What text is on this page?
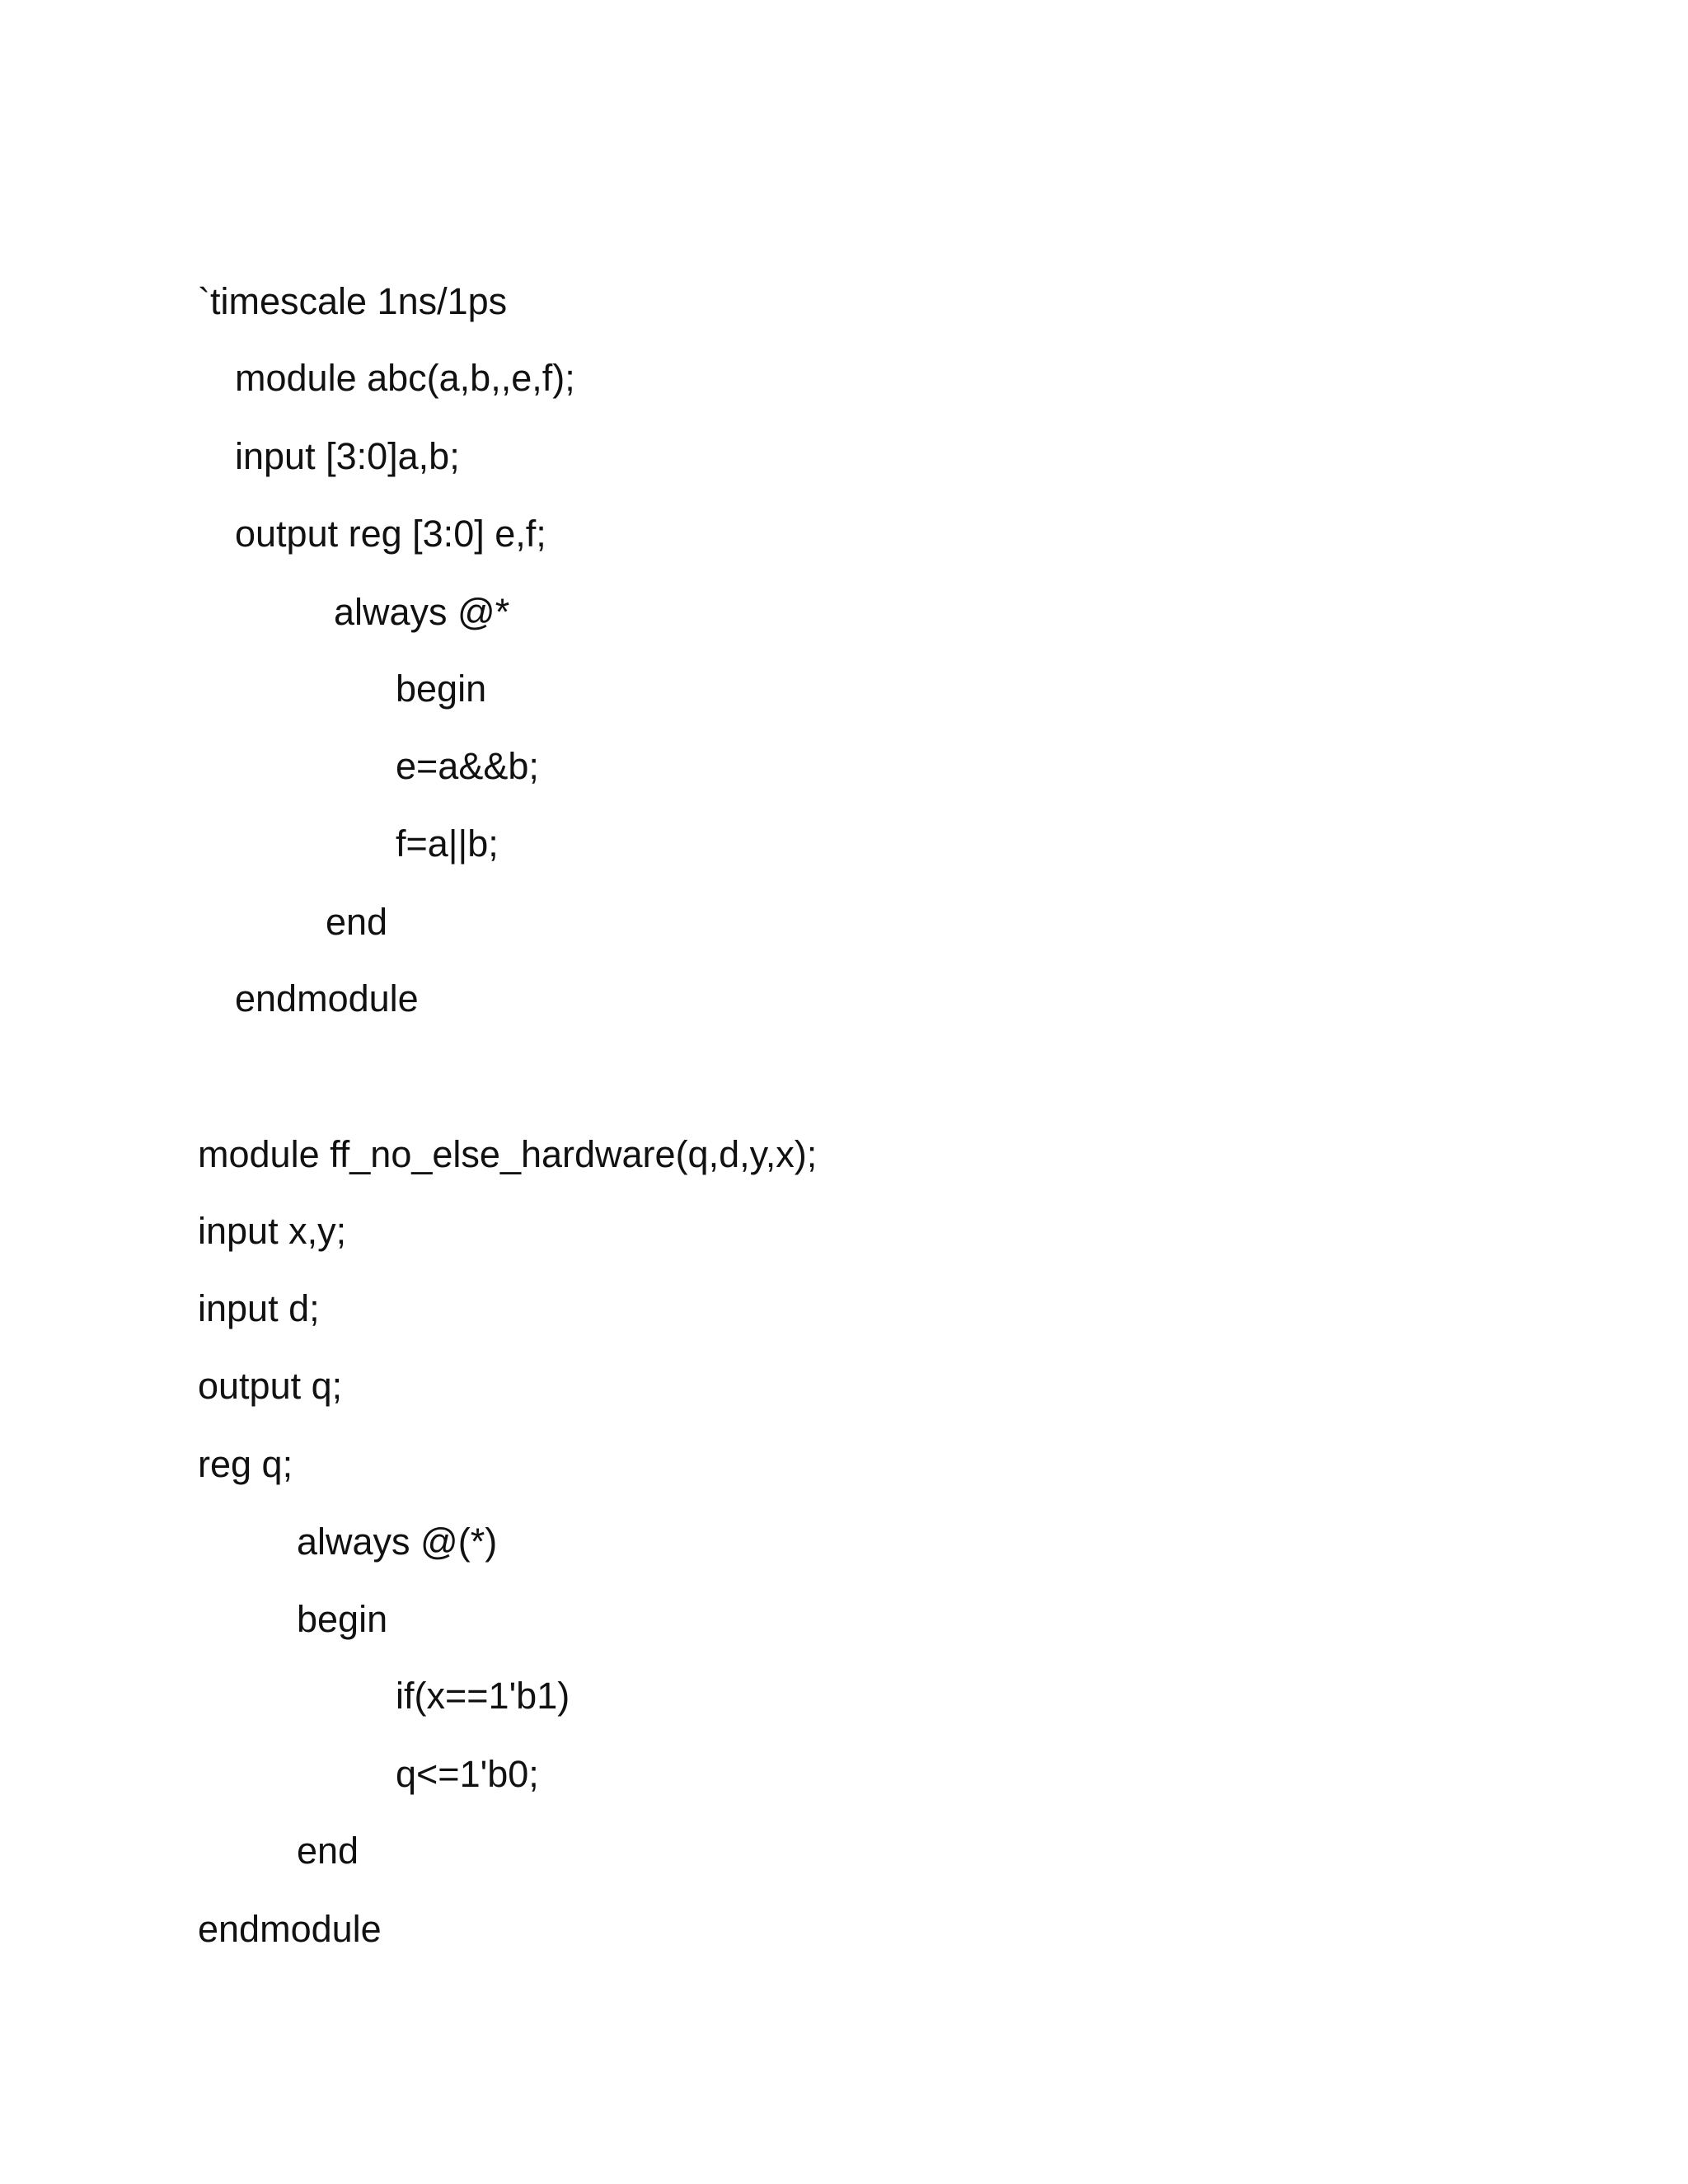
`timescale 1ns/1ps
module abc(a,b,,e,f);
input [3:0]a,b;
output reg [3:0] e,f;
always @*
begin
e=a&&b;
f=a||b;
end
endmodule
module ff_no_else_hardware(q,d,y,x);
input x,y;
input d;
output q;
reg q;
always @(*)
begin
if(x==1'b1)
q<=1'b0;
end
endmodule
